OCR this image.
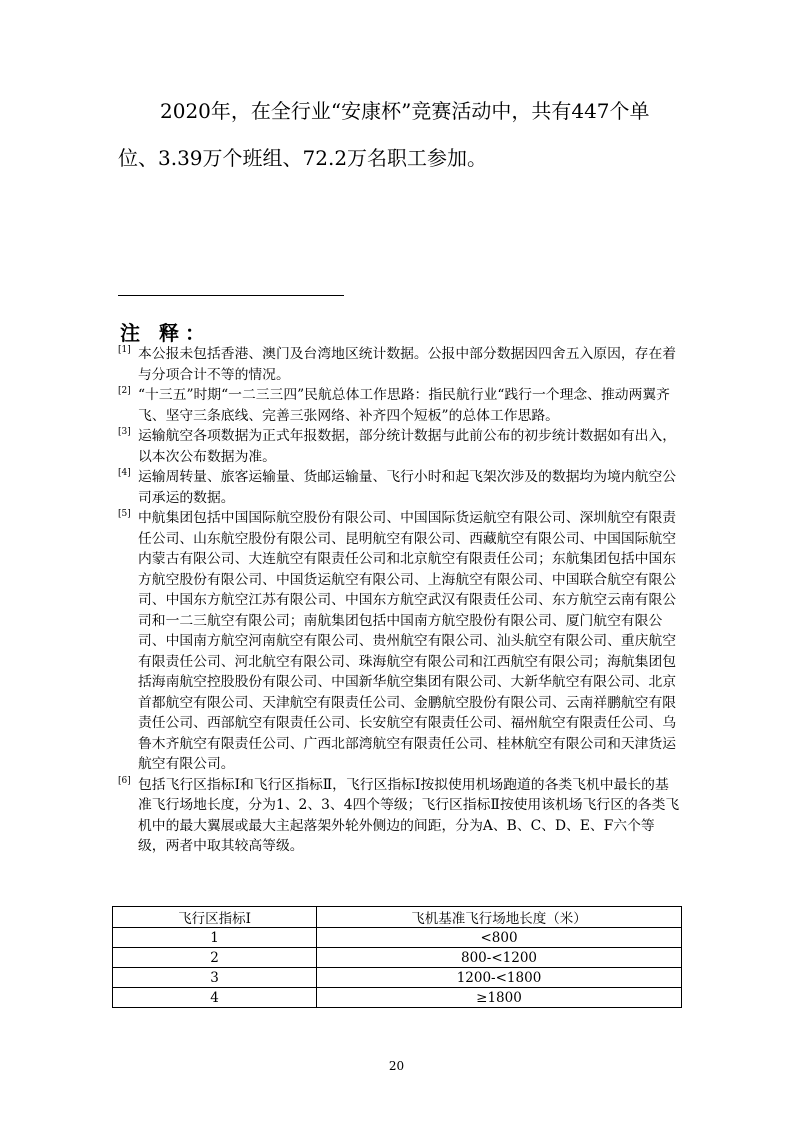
2020年，在全行业“安康杯”竞赛活动中，共有447个单位、3.39万个班组、72.2万名职工参加。

注 释：

[1] 本公报未包括香港、澳门及台湾地区统计数据。公报中部分数据因四舍五入原因，存在着与分项合计不等的情况。

[2] “十三五”时期“一二三三四”民航总体工作思路：指民航行业“践行一个理念、推动两翼齐飞、坚守三条底线、完善三张网络、补齐四个短板”的总体工作思路。

[3] 运输航空各项数据为正式年报数据，部分统计数据与此前公布的初步统计数据如有出入，以本次公布数据为准。

[4] 运输周转量、旅客运输量、货邮运输量、飞行小时和起飞架次涉及的数据均为境内航空公司承运的数据。

[5] 中航集团包括中国国际航空股份有限公司、中国国际货运航空有限公司、深圳航空有限责任公司、山东航空股份有限公司、昆明航空有限公司、西藏航空有限公司、中国国际航空内蒙古有限公司、大连航空有限责任公司和北京航空有限责任公司；东航集团包括中国东方航空股份有限公司、中国货运航空有限公司、上海航空有限公司、中国联合航空有限公司、中国东方航空江苏有限公司、中国东方航空武汉有限责任公司、东方航空云南有限公司和一二三航空有限公司；南航集团包括中国南方航空股份有限公司、厦门航空有限公司、中国南方航空河南航空有限公司、贵州航空有限公司、汕头航空有限公司、重庆航空有限责任公司、河北航空有限公司、珠海航空有限公司和江西航空有限公司；海航集团包括海南航空控股股份有限公司、中国新华航空集团有限公司、大新华航空有限公司、北京首都航空有限公司、天津航空有限责任公司、金鹏航空股份有限公司、云南祥鹏航空有限责任公司、西部航空有限责任公司、长安航空有限责任公司、福州航空有限责任公司、乌鲁木齐航空有限责任公司、广西北部湾航空有限责任公司、桂林航空有限公司和天津货运航空有限公司。

[6] 包括飞行区指标Ⅰ和飞行区指标Ⅱ，飞行区指标Ⅰ按拟使用机场跑道的各类飞机中最长的基准飞行场地长度，分为1、2、3、4四个等级；飞行区指标Ⅱ按使用该机场飞行区的各类飞机中的最大翼展或最大主起落架外轮外侧边的间距，分为A、B、C、D、E、F六个等级，两者中取其较高等级。

飞行区指标Ⅰ	飞机基准飞行场地长度（米）
1	<800
2	800-<1200
3	1200-<1800
4	≥1800
20
